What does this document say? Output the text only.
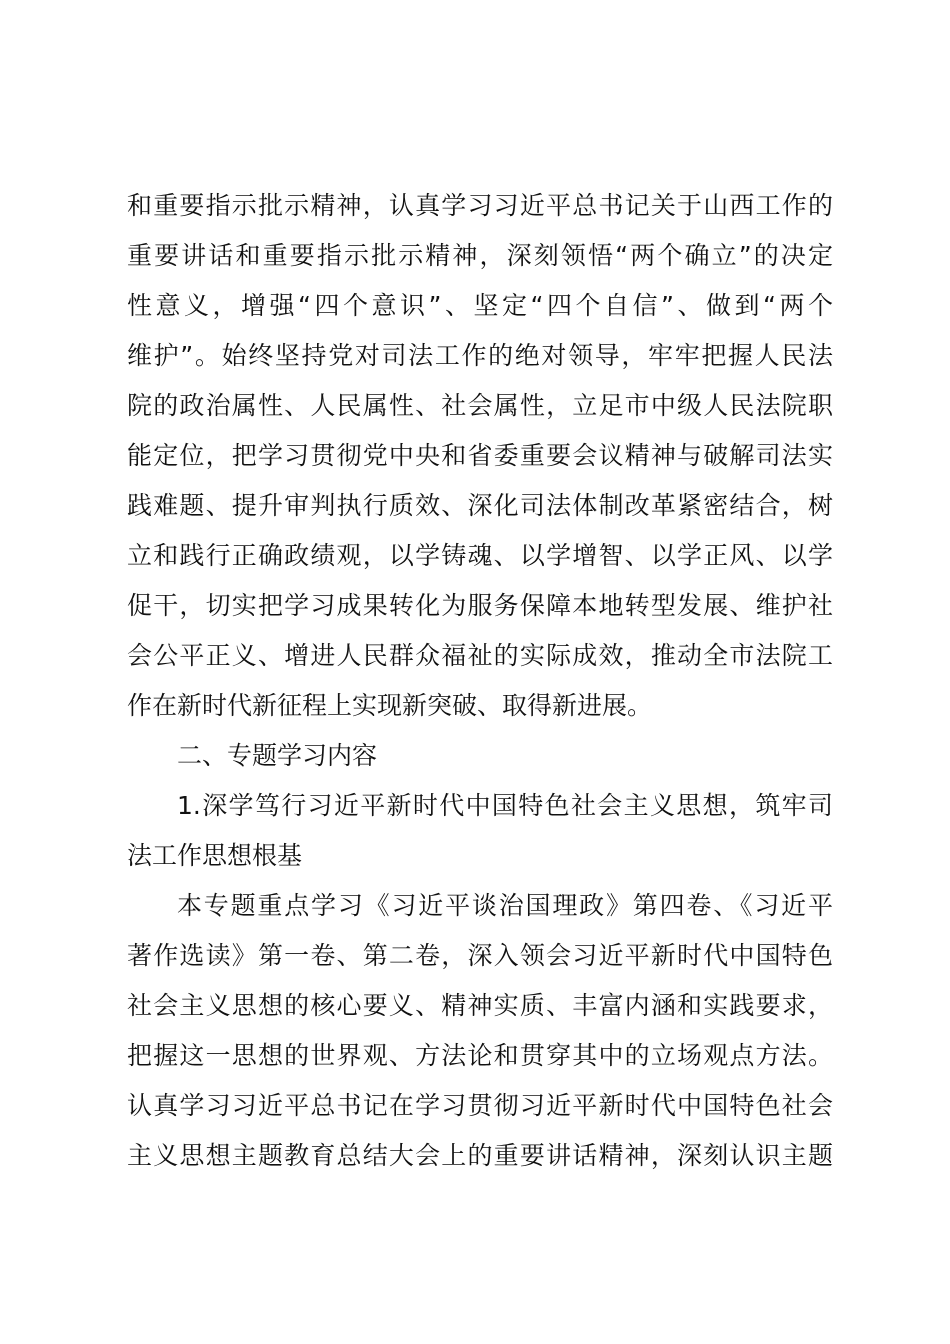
和重要指示批示精神，认真学习习近平总书记关于山西工作的
重要讲话和重要指示批示精神，深刻领悟“两个确立”的决定
性意义，增强“四个意识”、坚定“四个自信”、做到“两个
维护”。始终坚持党对司法工作的绝对领导，牢牢把握人民法
院的政治属性、人民属性、社会属性，立足市中级人民法院职
能定位，把学习贯彻党中央和省委重要会议精神与破解司法实
践难题、提升审判执行质效、深化司法体制改革紧密结合，树
立和践行正确政绩观，以学铸魂、以学增智、以学正风、以学
促干，切实把学习成果转化为服务保障本地转型发展、维护社
会公平正义、增进人民群众福祉的实际成效，推动全市法院工
作在新时代新征程上实现新突破、取得新进展。
二、专题学习内容
1.深学笃行习近平新时代中国特色社会主义思想，筑牢司
法工作思想根基
本专题重点学习《习近平谈治国理政》第四卷、《习近平
著作选读》第一卷、第二卷，深入领会习近平新时代中国特色
社会主义思想的核心要义、精神实质、丰富内涵和实践要求，
把握这一思想的世界观、方法论和贯穿其中的立场观点方法。
认真学习习近平总书记在学习贯彻习近平新时代中国特色社会
主义思想主题教育总结大会上的重要讲话精神，深刻认识主题
